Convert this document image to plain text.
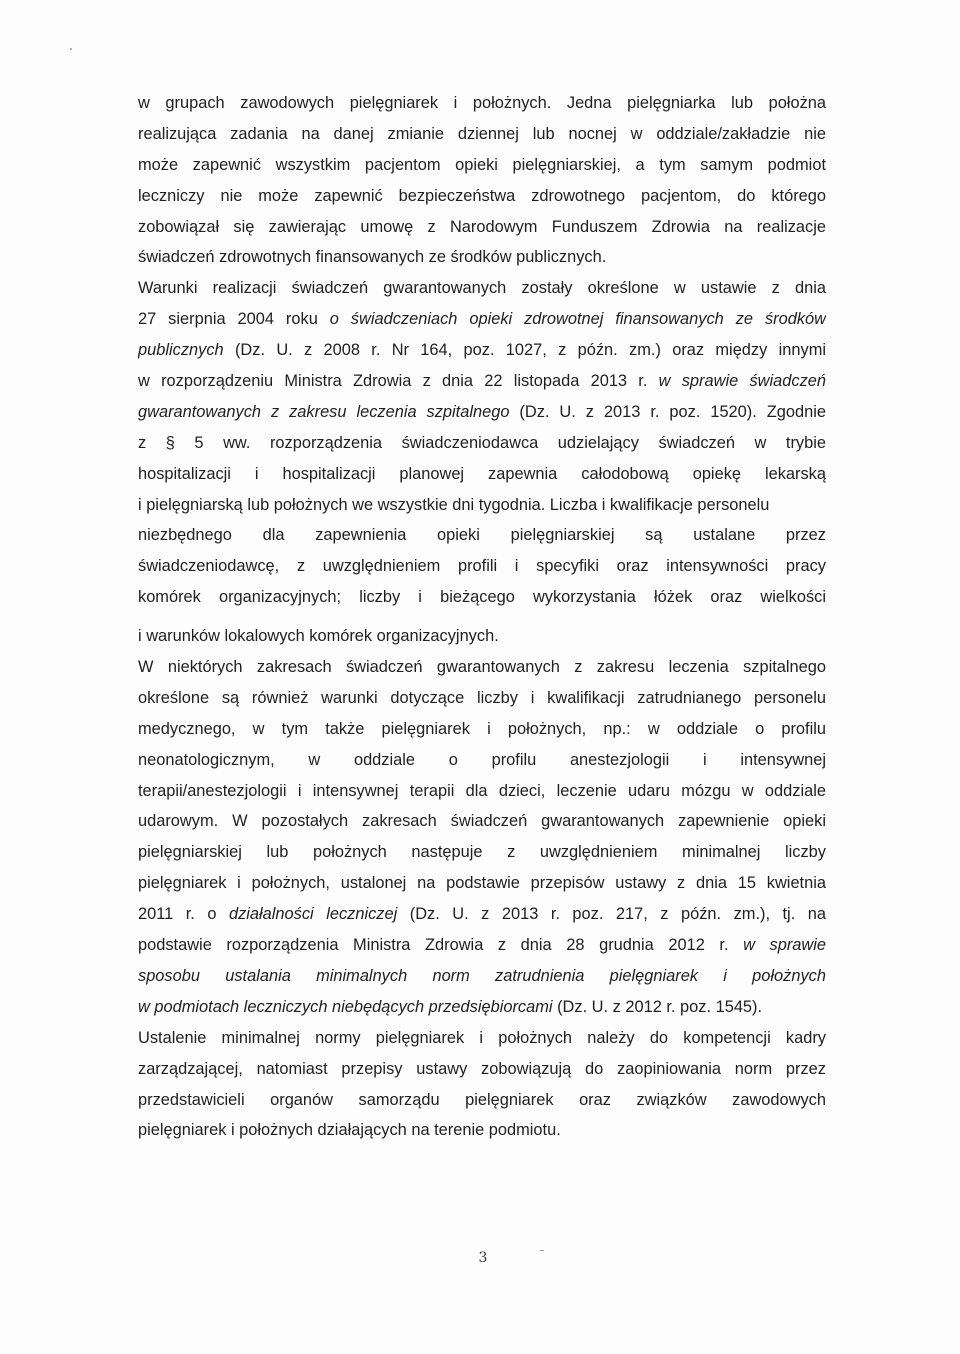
w grupach zawodowych pielęgniarek i położnych. Jedna pielęgniarka lub położna
realizująca zadania na danej zmianie dziennej lub nocnej w oddziale/zakładzie nie
może zapewnić wszystkim pacjentom opieki pielęgniarskiej, a tym samym podmiot
leczniczy nie może zapewnić bezpieczeństwa zdrowotnego pacjentom, do którego
zobowiązał się zawierając umowę z Narodowym Funduszem Zdrowia na realizacje
świadczeń zdrowotnych finansowanych ze środków publicznych.
Warunki realizacji świadczeń gwarantowanych zostały określone w ustawie z dnia
27 sierpnia 2004 roku o świadczeniach opieki zdrowotnej finansowanych ze środków
publicznych (Dz. U. z 2008 r. Nr 164, poz. 1027, z późn. zm.) oraz między innymi
w rozporządzeniu Ministra Zdrowia z dnia 22 listopada 2013 r. w sprawie świadczeń
gwarantowanych z zakresu leczenia szpitalnego (Dz. U. z 2013 r. poz. 1520). Zgodnie
z § 5 ww. rozporządzenia świadczeniodawca udzielający świadczeń w trybie
hospitalizacji i hospitalizacji planowej zapewnia całodobową opiekę lekarską
i pielęgniarską lub położnych we wszystkie dni tygodnia. Liczba i kwalifikacje personelu
niezbędnego dla zapewnienia opieki pielęgniarskiej są ustalane przez
świadczeniodawcę, z uwzględnieniem profili i specyfiki oraz intensywności pracy
komórek organizacyjnych; liczby i bieżącego wykorzystania łóżek oraz wielkości
i warunków lokalowych komórek organizacyjnych.
W niektórych zakresach świadczeń gwarantowanych z zakresu leczenia szpitalnego
określone są również warunki dotyczące liczby i kwalifikacji zatrudnianego personelu
medycznego, w tym także pielęgniarek i położnych, np.: w oddziale o profilu
neonatologicznym, w oddziale o profilu anestezjologii i intensywnej
terapii/anestezjologii i intensywnej terapii dla dzieci, leczenie udaru mózgu w oddziale
udarowym. W pozostałych zakresach świadczeń gwarantowanych zapewnienie opieki
pielęgniarskiej lub położnych następuje z uwzględnieniem minimalnej liczby
pielęgniarek i położnych, ustalonej na podstawie przepisów ustawy z dnia 15 kwietnia
2011 r. o działalności leczniczej (Dz. U. z 2013 r. poz. 217, z późn. zm.), tj. na
podstawie rozporządzenia Ministra Zdrowia z dnia 28 grudnia 2012 r. w sprawie
sposobu ustalania minimalnych norm zatrudnienia pielęgniarek i położnych
w podmiotach leczniczych niebędących przedsiębiorcami (Dz. U. z 2012 r. poz. 1545).
Ustalenie minimalnej normy pielęgniarek i położnych należy do kompetencji kadry
zarządzającej, natomiast przepisy ustawy zobowiązują do zaopiniowania norm przez
przedstawicieli organów samorządu pielęgniarek oraz związków zawodowych
pielęgniarek i położnych działających na terenie podmiotu.
3
